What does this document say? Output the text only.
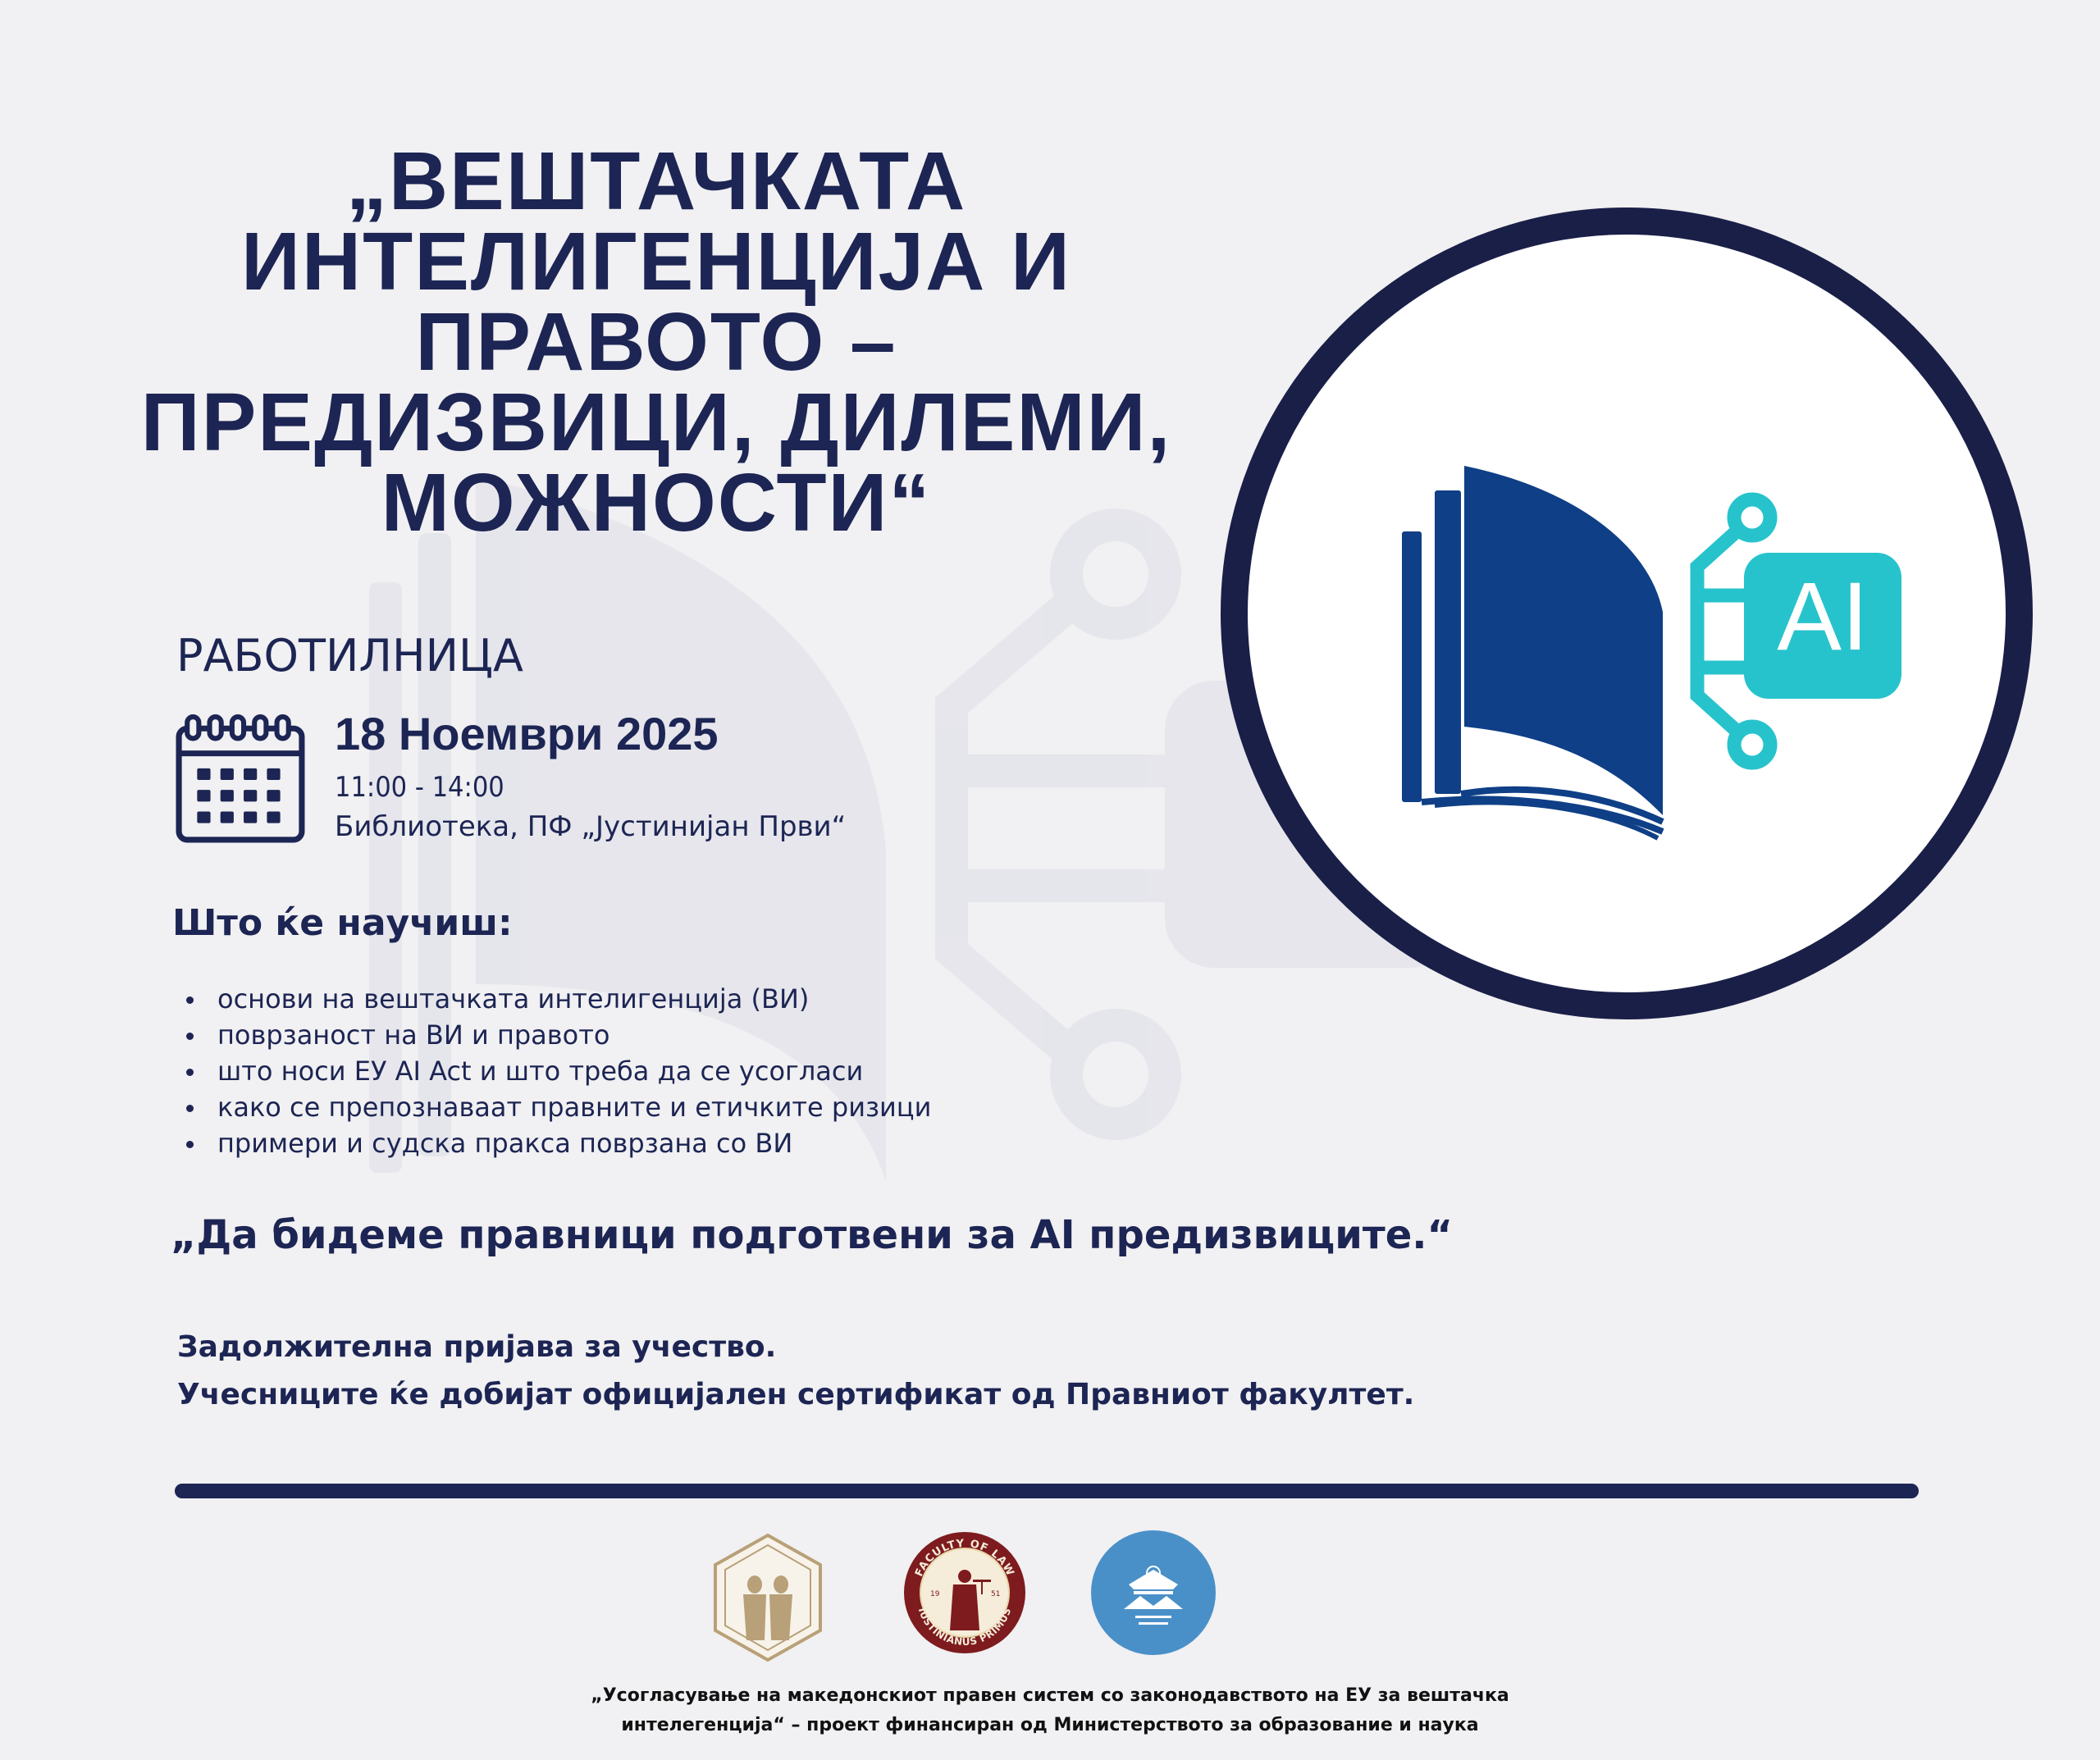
„ВЕШТАЧКАТА
ИНТЕЛИГЕНЦИЈА И
ПРАВОТО –
ПРЕДИЗВИЦИ, ДИЛЕМИ,
МОЖНОСТИ“
РАБОТИЛНИЦА
18 Ноември 2025
11:00 - 14:00
Библиотека, ПФ „Јустинијан Први“
Што ќе научиш:
основи на вештачката интелигенција (ВИ)
поврзаност на ВИ и правото
што носи ЕУ AI Act и што треба да се усогласи
како се препознаваат правните и етичките ризици
примери и судска пракса поврзана со ВИ
„Да бидеме правници подготвени за AI предизвиците.“
Задолжителна пријава за учество.
Учесниците ќе добијат официјален сертификат од Правниот факултет.
AI
FACULTY OF LAW
IUSTINIANUS PRIMUS
19	51
„Усогласување на македонскиот правен систем со законодавството на ЕУ за вештачка
интелегенција“ – проект финансиран од Министерството за образование и наука
